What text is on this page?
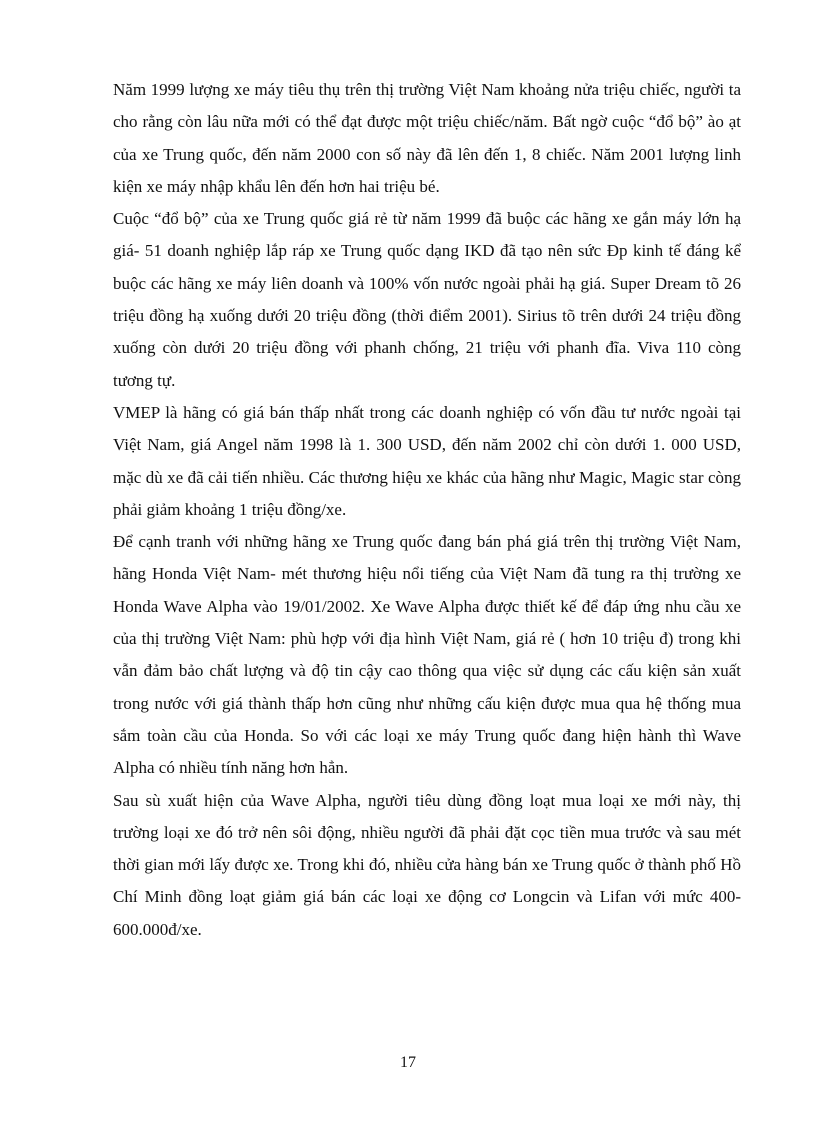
Năm 1999 lượng xe máy tiêu thụ trên thị trường Việt Nam khoảng nửa triệu chiếc, người ta cho rằng còn lâu nữa mới có thể đạt được một triệu chiếc/năm. Bất ngờ cuộc “đổ bộ” ào ạt của xe Trung quốc, đến năm 2000 con số này đã lên đến 1, 8 chiếc. Năm 2001 lượng linh kiện xe máy nhập khẩu lên đến hơn hai triệu bé.

Cuộc “đổ bộ” của xe Trung quốc giá rẻ từ năm 1999 đã buộc các hãng xe gắn máy lớn hạ giá- 51 doanh nghiệp lắp ráp xe Trung quốc dạng IKD đã tạo nên sức Đp kinh tế đáng kể buộc các hãng xe máy liên doanh và 100% vốn nước ngoài phải hạ giá. Super Dream tõ 26 triệu đồng hạ xuống dưới 20 triệu đồng (thời điểm 2001). Sirius tõ trên dưới 24 triệu đồng xuống còn dưới 20 triệu đồng với phanh chống, 21 triệu với phanh đĩa. Viva 110 còng tương tự.

VMEP là hãng có giá bán thấp nhất trong các doanh nghiệp có vốn đầu tư nước ngoài tại Việt Nam, giá Angel năm 1998 là 1. 300 USD, đến năm 2002 chỉ còn dưới 1. 000 USD, mặc dù xe đã cải tiến nhiều. Các thương hiệu xe khác của hãng như Magic, Magic star còng phải giảm khoảng 1 triệu đồng/xe.

Để cạnh tranh với những hãng xe Trung quốc đang bán phá giá trên thị trường Việt Nam, hãng Honda Việt Nam- mét thương hiệu nổi tiếng của Việt Nam đã tung ra thị trường xe Honda Wave Alpha vào 19/01/2002. Xe Wave Alpha được thiết kế để đáp ứng nhu cầu xe của thị trường Việt Nam: phù hợp với địa hình Việt Nam, giá rẻ ( hơn 10 triệu đ) trong khi vẫn đảm bảo chất lượng và độ tin cậy cao thông qua việc sử dụng các cấu kiện sản xuất trong nước với giá thành thấp hơn cũng như những cấu kiện được mua qua hệ thống mua sắm toàn cầu của Honda. So với các loại xe máy Trung quốc đang hiện hành thì Wave Alpha có nhiều tính năng hơn hẳn.

Sau sù xuất hiện của Wave Alpha, người tiêu dùng đồng loạt mua loại xe mới này, thị trường loại xe đó trở nên sôi động, nhiều người đã phải đặt cọc tiền mua trước và sau mét thời gian mới lấy được xe. Trong khi đó, nhiều cửa hàng bán xe Trung quốc ở thành phố Hồ Chí Minh đồng loạt giảm giá bán các loại xe động cơ Longcin và Lifan với mức 400- 600.000đ/xe.

17
